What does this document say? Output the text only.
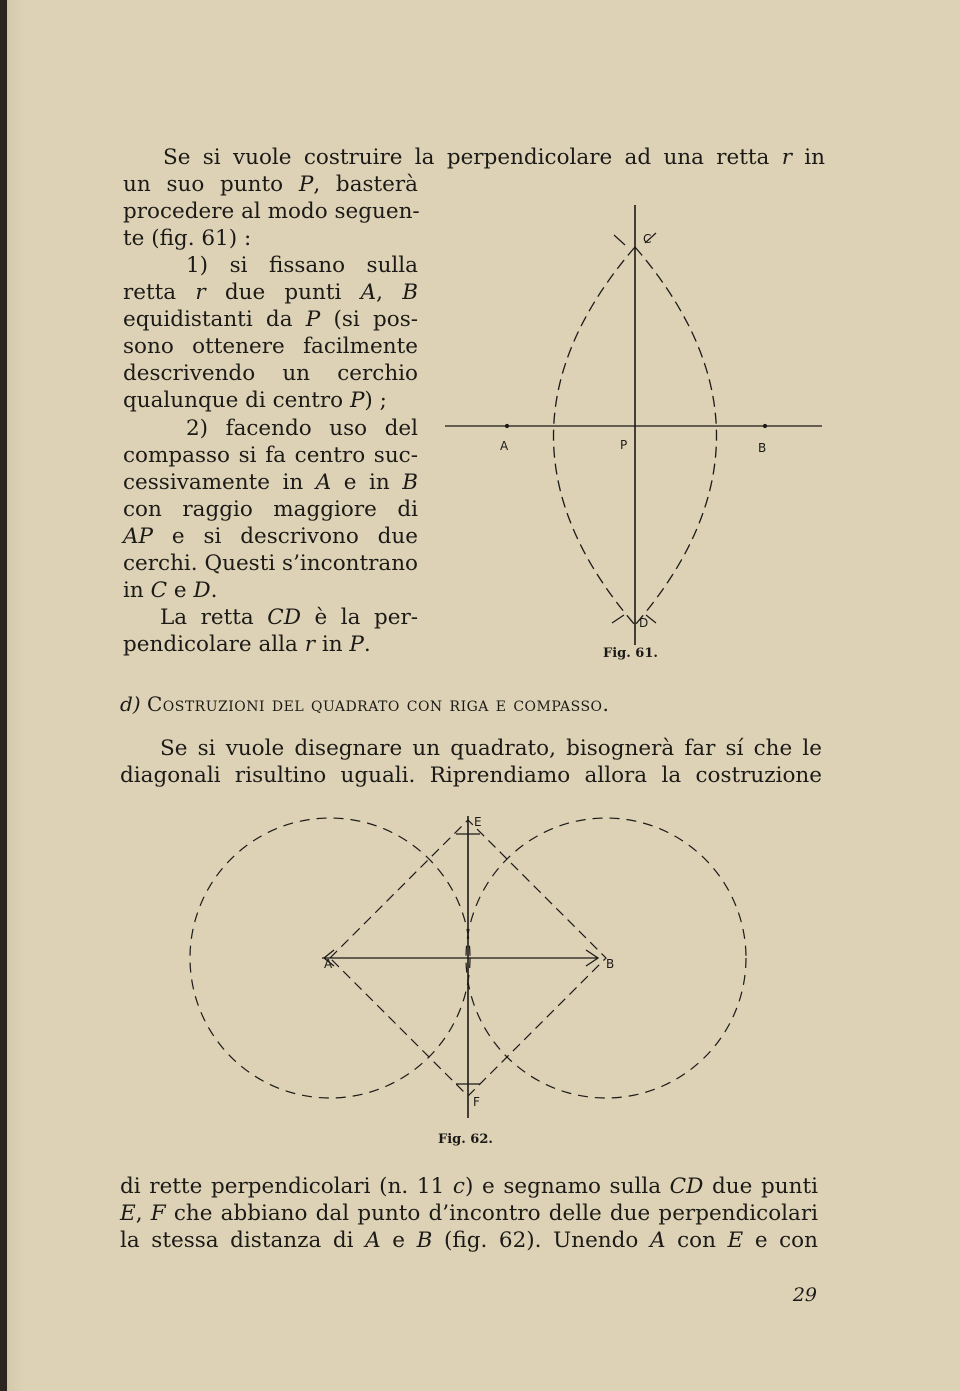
Se si vuole costruire la perpendicolare ad una retta r in
un suo punto P, basterà
procedere al modo seguen-
te (fig. 61) :
1) si fissano sulla
retta r due punti A, B
equidistanti da P (si pos-
sono ottenere facilmente
descrivendo un cerchio
qualunque di centro P) ;
2) facendo uso del
compasso si fa centro suc-
cessivamente in A e in B
con raggio maggiore di
AP e si descrivono due
cerchi. Questi s’incontrano
in C e D.
La retta CD è la per-
pendicolare alla r in P.
A	P	B
C
D
Fig. 61.
d) Costruzioni del quadrato con riga e compasso.
Se si vuole disegnare un quadrato, bisognerà far sí che le
diagonali risultino uguali. Riprendiamo allora la costruzione
A	B
E
F
Fig. 62.
di rette perpendicolari (n. 11 c) e segnamo sulla CD due punti
E, F che abbiano dal punto d’incontro delle due perpendicolari
la stessa distanza di A e B (fig. 62). Unendo A con E e con
29
